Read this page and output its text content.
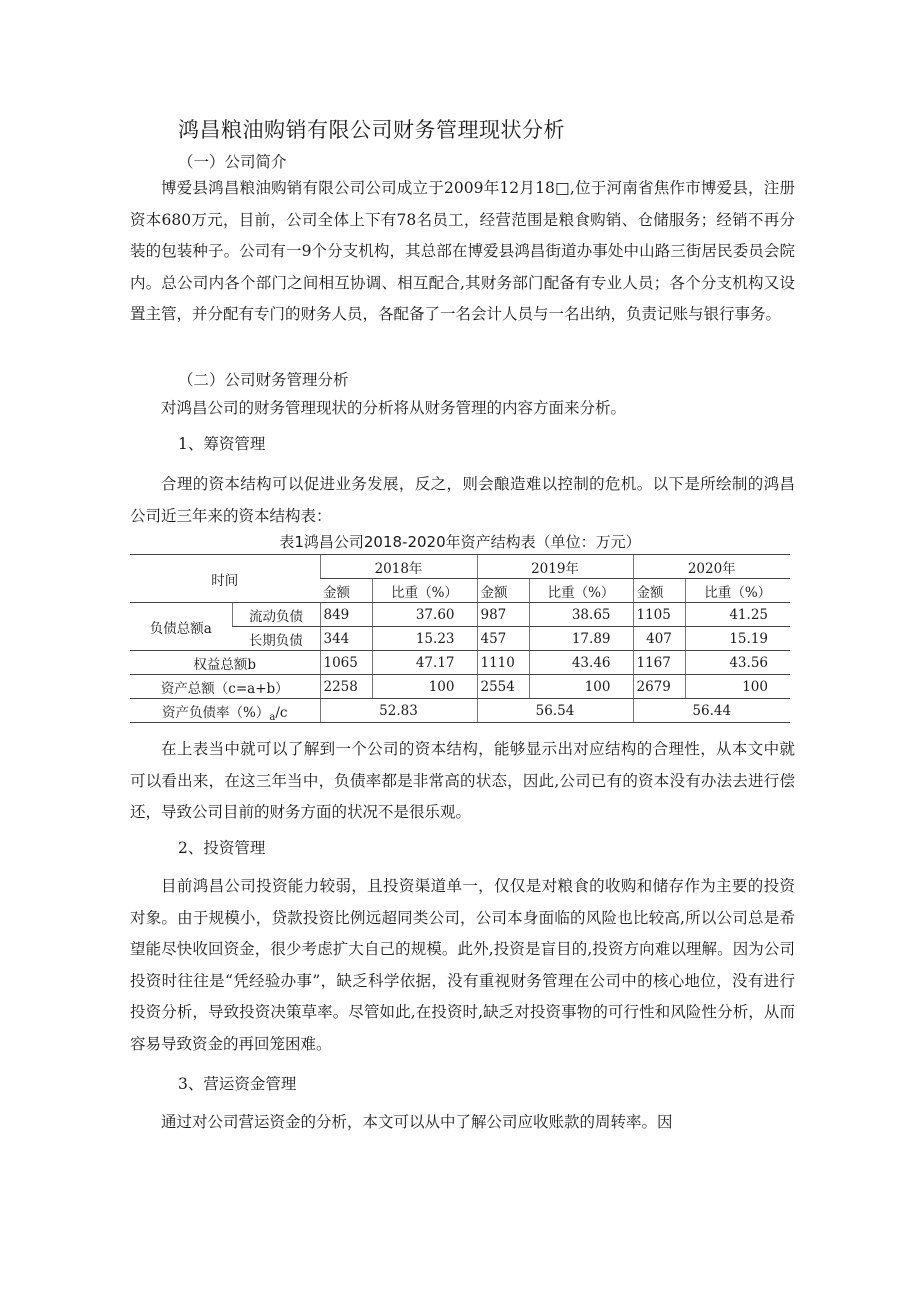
鸿昌粮油购销有限公司财务管理现状分析
（一）公司简介
博爱县鸿昌粮油购销有限公司公司成立于2009年12月18□,位于河南省焦作市博爱县，注册资本680万元，目前，公司全体上下有78名员工，经营范围是粮食购销、仓储服务；经销不再分装的包装种子。公司有一9个分支机构，其总部在博爱县鸿昌街道办事处中山路三街居民委员会院内。总公司内各个部门之间相互协调、相互配合,其财务部门配备有专业人员；各个分支机构又设置主管，并分配有专门的财务人员，各配备了一名会计人员与一名出纳，负责记账与银行事务。
（二）公司财务管理分析
对鸿昌公司的财务管理现状的分析将从财务管理的内容方面来分析。
1、筹资管理
合理的资本结构可以促进业务发展，反之，则会酿造难以控制的危机。以下是所绘制的鸿昌公司近三年来的资本结构表：
表1鸿昌公司2018-2020年资产结构表（单位：万元）
时间		2018年		2019年		2020年	
		金额	比重（%）	金额	比重（%）	金额	比重（%）
负债总额a	流动负债	849	37.60	987	38.65	1105	41.25
	长期负债	344	15.23	457	17.89	407	15.19
权益总额b		1065	47.17	1110	43.46	1167	43.56
资产总额（c=a+b）		2258	100	2554	100	2679	100
资产负债率$(\%)_a/c$		52.83		56.54		56.44	
在上表当中就可以了解到一个公司的资本结构，能够显示出对应结构的合理性，从本文中就可以看出来，在这三年当中，负债率都是非常高的状态，因此,公司已有的资本没有办法去进行偿还，导致公司目前的财务方面的状况不是很乐观。
2、投资管理
目前鸿昌公司投资能力较弱，且投资渠道单一，仅仅是对粮食的收购和储存作为主要的投资对象。由于规模小，贷款投资比例远超同类公司，公司本身面临的风险也比较高,所以公司总是希望能尽快收回资金，很少考虑扩大自己的规模。此外,投资是盲目的,投资方向难以理解。因为公司投资时往往是“凭经验办事”，缺乏科学依据，没有重视财务管理在公司中的核心地位，没有进行投资分析，导致投资决策草率。尽管如此,在投资时,缺乏对投资事物的可行性和风险性分析，从而容易导致资金的再回笼困难。
3、营运资金管理
通过对公司营运资金的分析，本文可以从中了解公司应收账款的周转率。因
